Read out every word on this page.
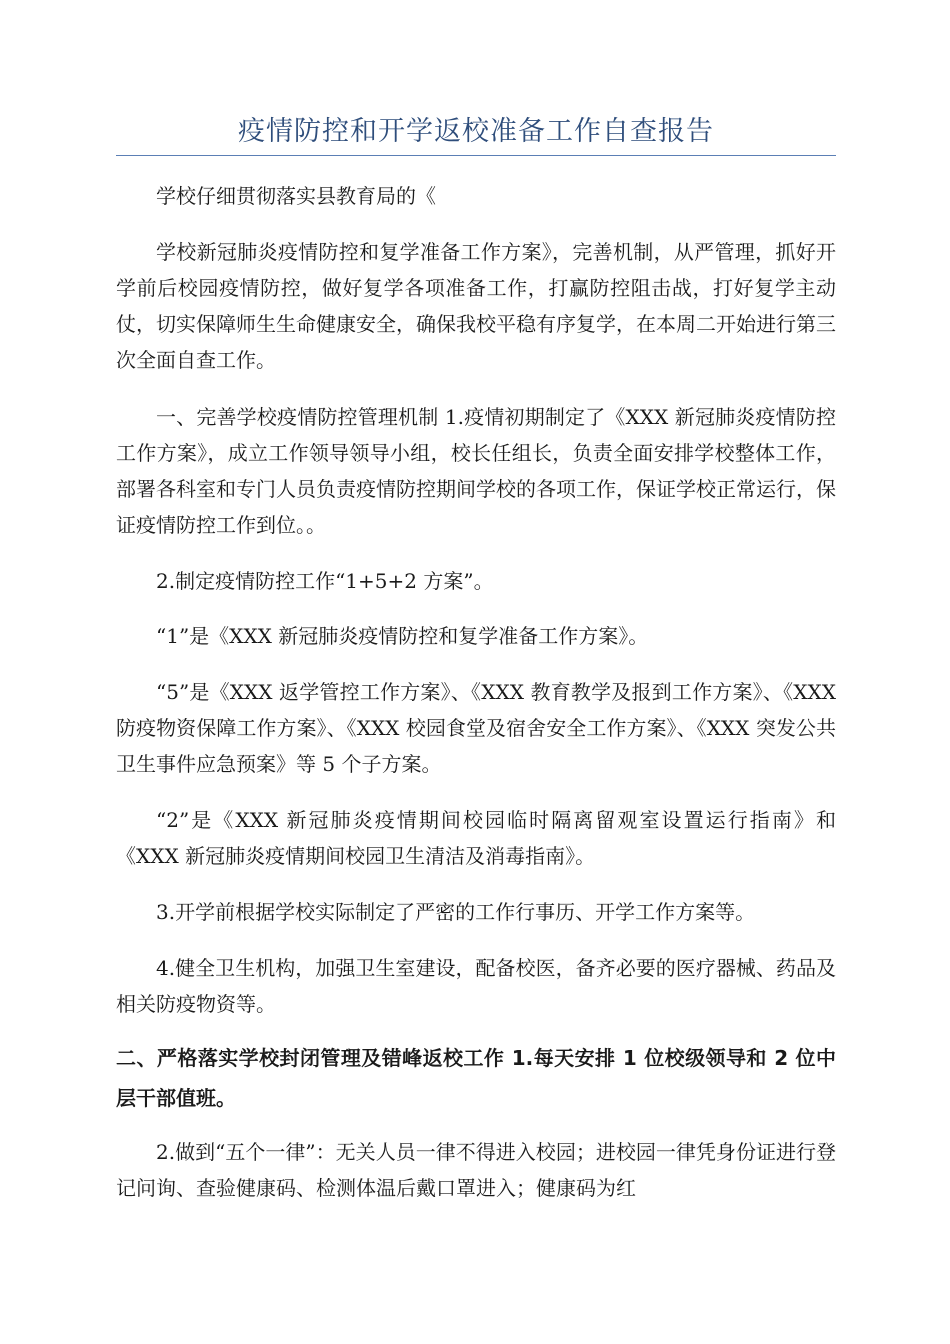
疫情防控和开学返校准备工作自查报告

学校仔细贯彻落实县教育局的《

学校新冠肺炎疫情防控和复学准备工作方案》，完善机制，从严管理，抓好开学前后校园疫情防控，做好复学各项准备工作，打赢防控阻击战，打好复学主动仗，切实保障师生生命健康安全，确保我校平稳有序复学，在本周二开始进行第三次全面自查工作。

一、完善学校疫情防控管理机制 1.疫情初期制定了《XXX 新冠肺炎疫情防控工作方案》，成立工作领导领导小组，校长任组长，负责全面安排学校整体工作，部署各科室和专门人员负责疫情防控期间学校的各项工作，保证学校正常运行，保证疫情防控工作到位。。

2.制定疫情防控工作“1+5+2 方案”。

“1”是《XXX 新冠肺炎疫情防控和复学准备工作方案》。

“5”是《XXX 返学管控工作方案》、《XXX 教育教学及报到工作方案》、《XXX 防疫物资保障工作方案》、《XXX 校园食堂及宿舍安全工作方案》、《XXX 突发公共卫生事件应急预案》等 5 个子方案。

“2”是《XXX 新冠肺炎疫情期间校园临时隔离留观室设置运行指南》和《XXX 新冠肺炎疫情期间校园卫生清洁及消毒指南》。

3.开学前根据学校实际制定了严密的工作行事历、开学工作方案等。

4.健全卫生机构，加强卫生室建设，配备校医，备齐必要的医疗器械、药品及相关防疫物资等。

二、严格落实学校封闭管理及错峰返校工作 1.每天安排 1 位校级领导和 2 位中层干部值班。

2.做到“五个一律”：无关人员一律不得进入校园；进校园一律凭身份证进行登记问询、查验健康码、检测体温后戴口罩进入；健康码为红
